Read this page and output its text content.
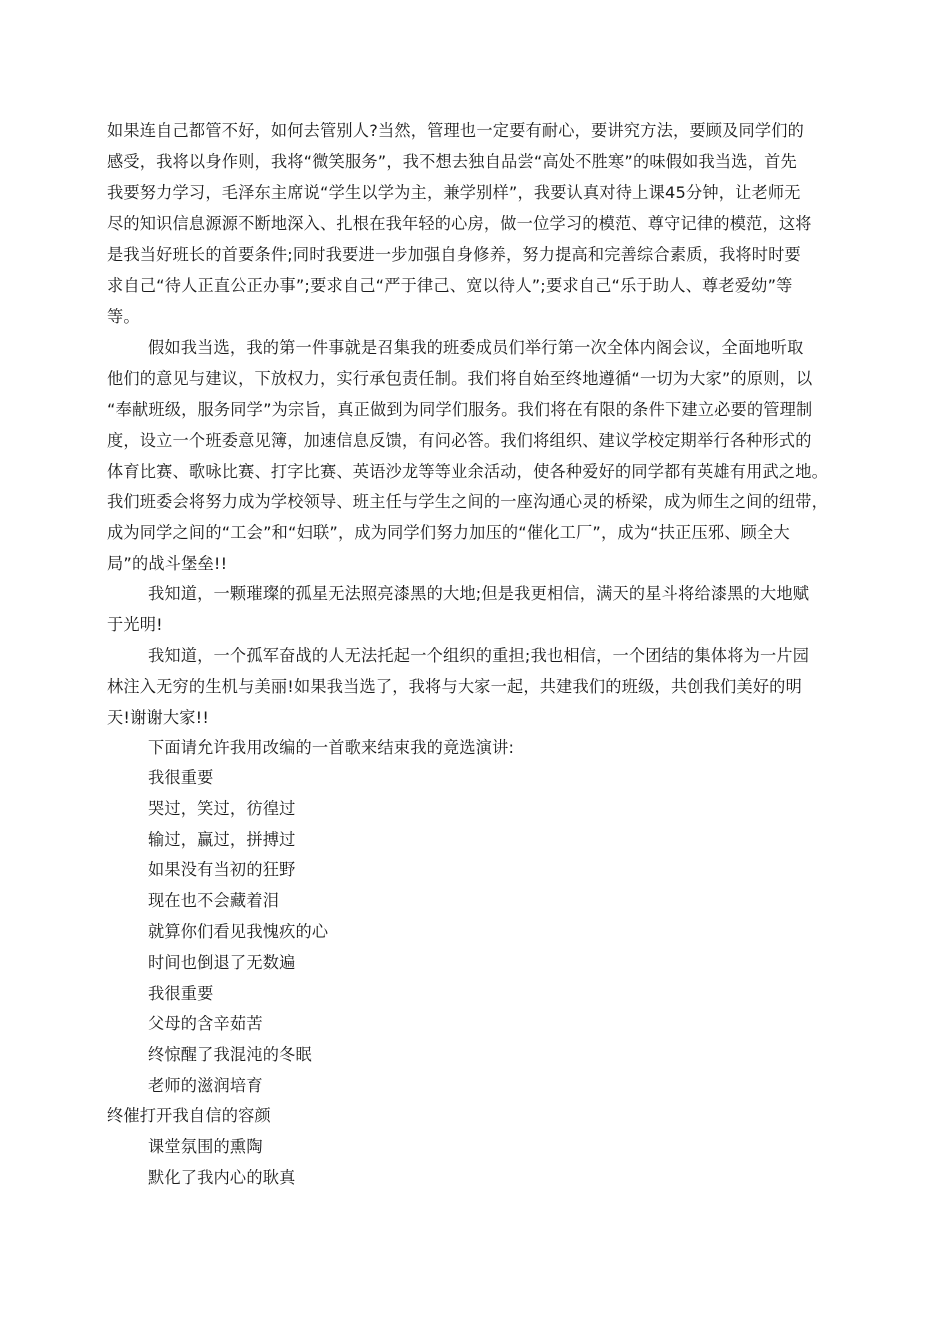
如果连自己都管不好，如何去管别人?当然，管理也一定要有耐心，要讲究方法，要顾及同学们的
感受，我将以身作则，我将“微笑服务”，我不想去独自品尝“高处不胜寒”的味假如我当选，首先
我要努力学习，毛泽东主席说“学生以学为主，兼学别样”，我要认真对待上课45分钟，让老师无
尽的知识信息源源不断地深入、扎根在我年轻的心房，做一位学习的模范、尊守记律的模范，这将
是我当好班长的首要条件;同时我要进一步加强自身修养，努力提高和完善综合素质，我将时时要
求自己“待人正直公正办事”;要求自己“严于律己、宽以待人”;要求自己“乐于助人、尊老爱幼”等
等。
假如我当选，我的第一件事就是召集我的班委成员们举行第一次全体内阁会议，全面地听取
他们的意见与建议，下放权力，实行承包责任制。我们将自始至终地遵循“一切为大家”的原则，以
“奉献班级，服务同学”为宗旨，真正做到为同学们服务。我们将在有限的条件下建立必要的管理制
度，设立一个班委意见簿，加速信息反馈，有问必答。我们将组织、建议学校定期举行各种形式的
体育比赛、歌咏比赛、打字比赛、英语沙龙等等业余活动，使各种爱好的同学都有英雄有用武之地。
我们班委会将努力成为学校领导、班主任与学生之间的一座沟通心灵的桥梁，成为师生之间的纽带，
成为同学之间的“工会”和“妇联”，成为同学们努力加压的“催化工厂”，成为“扶正压邪、顾全大
局”的战斗堡垒!!
我知道，一颗璀璨的孤星无法照亮漆黑的大地;但是我更相信，满天的星斗将给漆黑的大地赋
于光明!
我知道，一个孤军奋战的人无法托起一个组织的重担;我也相信，一个团结的集体将为一片园
林注入无穷的生机与美丽!如果我当选了，我将与大家一起，共建我们的班级，共创我们美好的明
天!谢谢大家!!
下面请允许我用改编的一首歌来结束我的竟选演讲:
我很重要
哭过，笑过，彷徨过
输过，赢过，拼搏过
如果没有当初的狂野
现在也不会藏着泪
就算你们看见我愧疚的心
时间也倒退了无数遍
我很重要
父母的含辛茹苦
终惊醒了我混沌的冬眠
老师的滋润培育
终催打开我自信的容颜
课堂氛围的熏陶
默化了我内心的耿真
